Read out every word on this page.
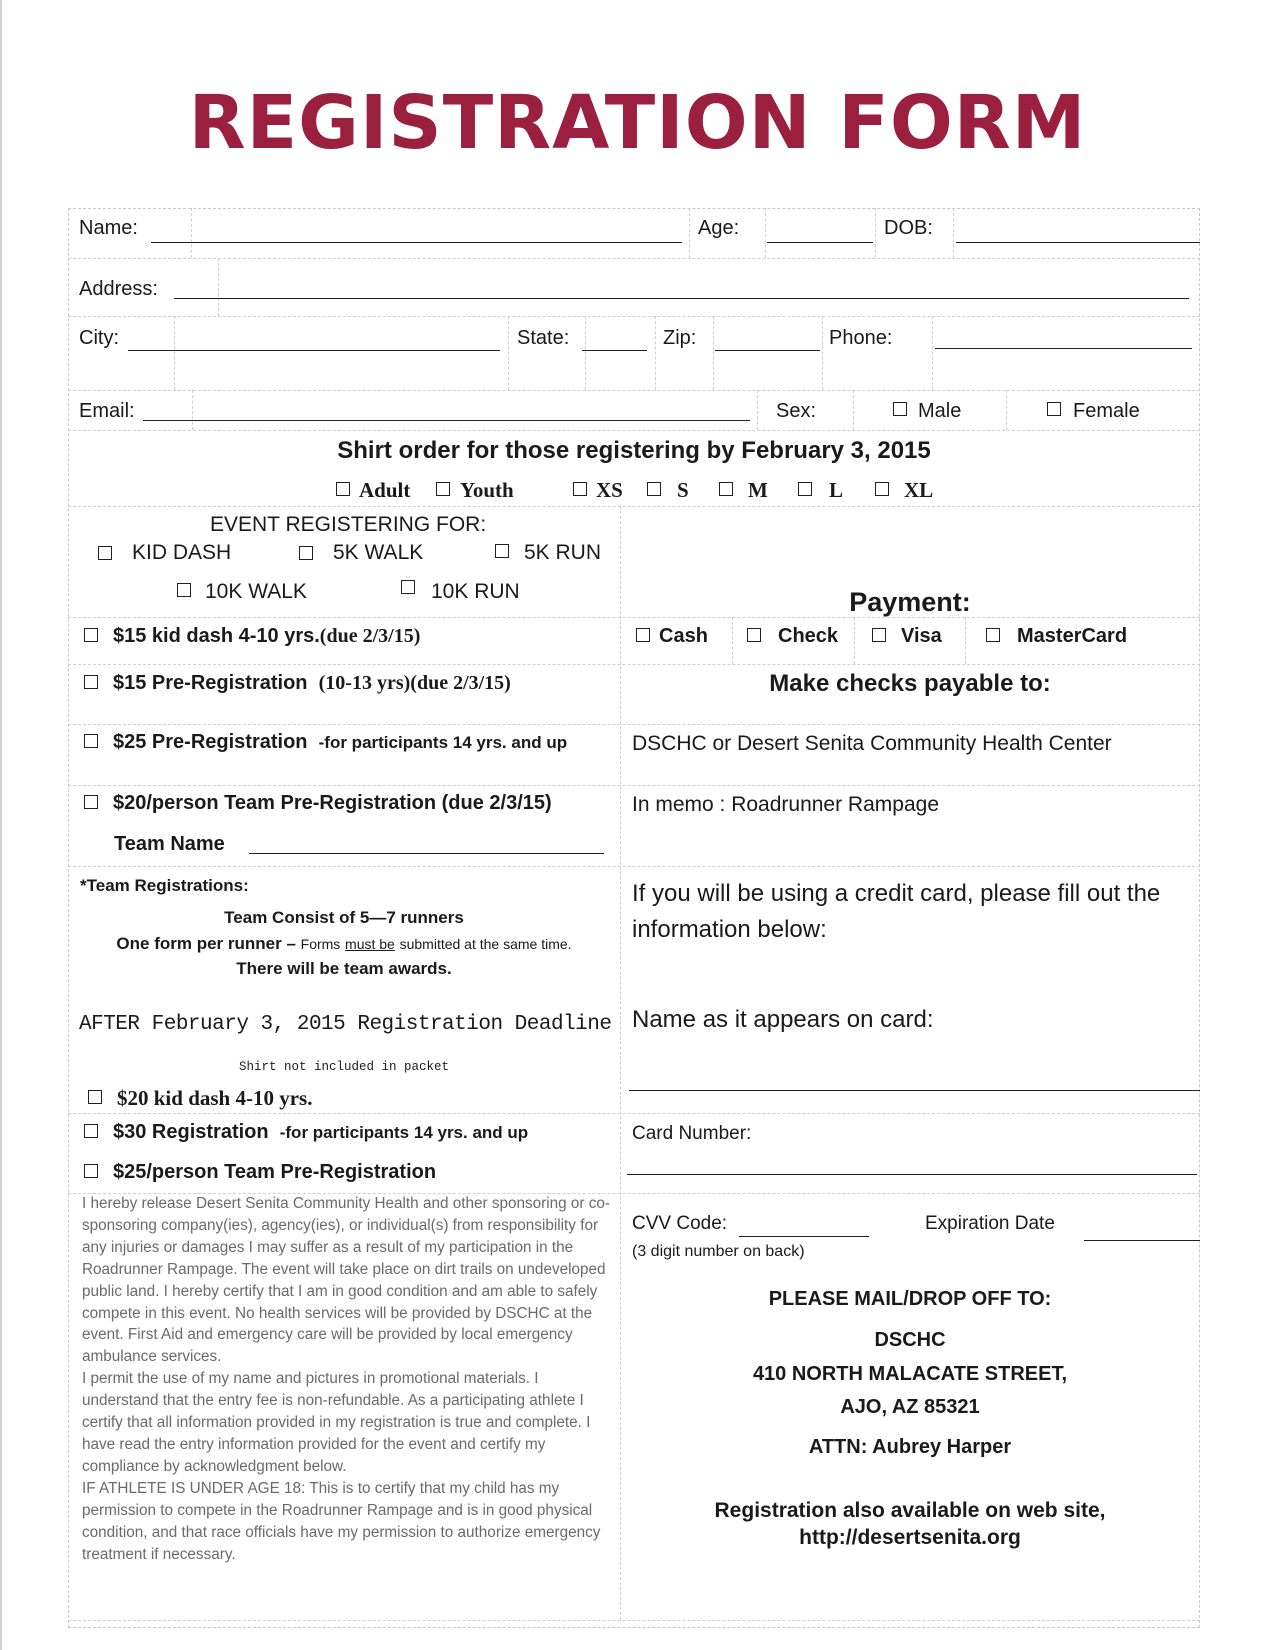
REGISTRATION FORM
Name:	Age:	DOB:
Address:
City:	State:	Zip:	Phone:
Email:	Sex:	Male	Female
Shirt order for those registering by February 3, 2015
Adult Youth	XS	S	M	L	XL
EVENT REGISTERING FOR:
KID DASH	5K WALK	5K RUN
10K WALK	10K RUN
$15 kid dash 4-10 yrs.(due 2/3/15)
$15 Pre-Registration (10-13 yrs)(due 2/3/15)
$25 Pre-Registration -for participants 14 yrs. and up
$20/person Team Pre-Registration (due 2/3/15)
Team Name
*Team Registrations:
Team Consist of 5—7 runners
One form per runner – Forms must be submitted at the same time.
There will be team awards.
AFTER February 3, 2015 Registration Deadline
Shirt not included in packet
$20 kid dash 4-10 yrs.
$30 Registration -for participants 14 yrs. and up
$25/person Team Pre-Registration

I hereby release Desert Senita Community Health and other sponsoring or co-sponsoring company(ies), agency(ies), or individual(s) from responsibility for any injuries or damages I may suffer as a result of my participation in the Roadrunner Rampage. The event will take place on dirt trails on undeveloped public land. I hereby certify that I am in good condition and am able to safely compete in this event. No health services will be provided by DSCHC at the event. First Aid and emergency care will be provided by local emergency ambulance services.

I permit the use of my name and pictures in promotional materials. I understand that the entry fee is non-refundable. As a participating athlete I certify that all information provided in my registration is true and complete. I have read the entry information provided for the event and certify my compliance by acknowledgment below.

IF ATHLETE IS UNDER AGE 18: This is to certify that my child has my permission to compete in the Roadrunner Rampage and is in good physical condition, and that race officials have my permission to authorize emergency treatment if necessary.

Payment:
Cash	Check	Visa	MasterCard
Make checks payable to:
DSCHC or Desert Senita Community Health Center
In memo : Roadrunner Rampage
If you will be using a credit card, please fill out the information below:
Name as it appears on card:
Card Number:
CVV Code:
(3 digit number on back)
Expiration Date
PLEASE MAIL/DROP OFF TO:
DSCHC
410 NORTH MALACATE STREET,
AJO, AZ 85321
ATTN: Aubrey Harper
Registration also available on web site,
http://desertsenita.org
